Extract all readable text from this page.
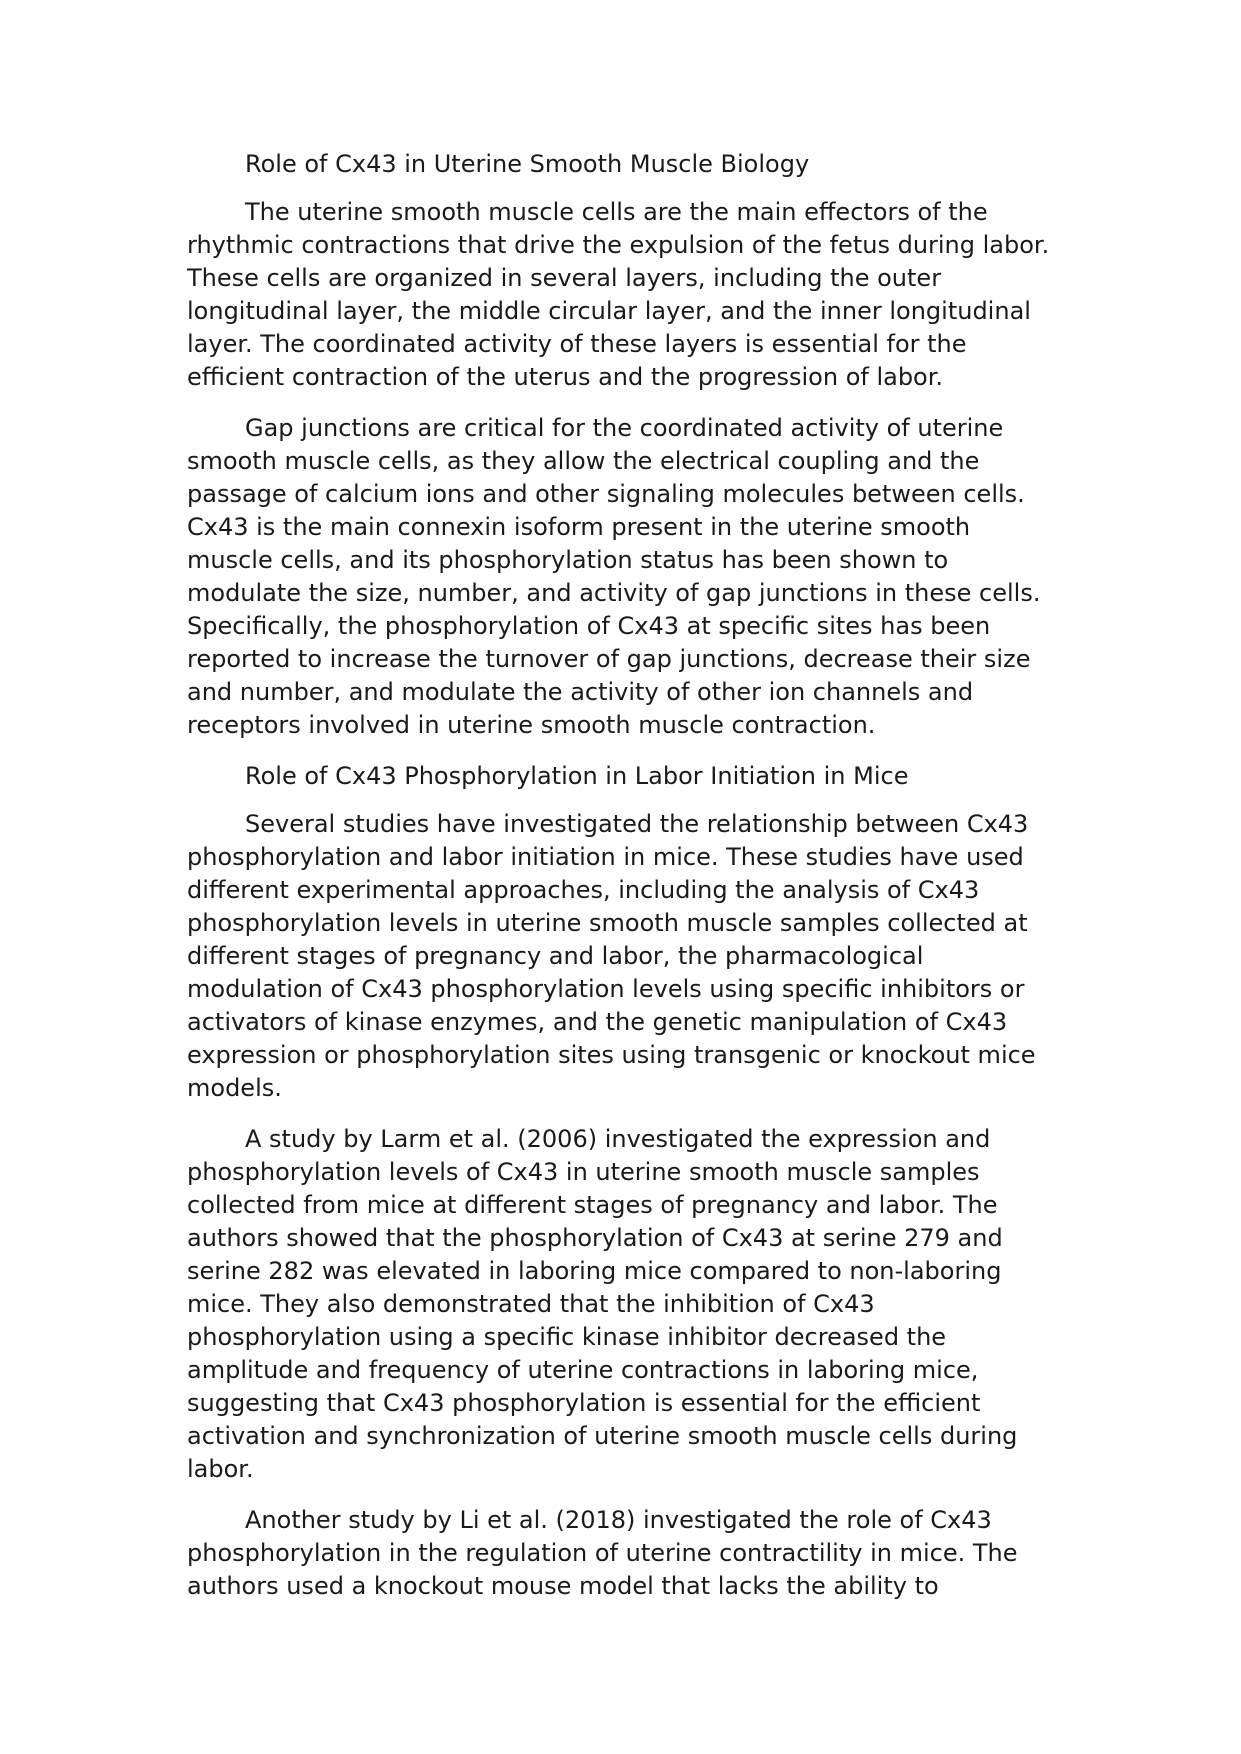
Role of Cx43 in Uterine Smooth Muscle Biology

The uterine smooth muscle cells are the main effectors of the
rhythmic contractions that drive the expulsion of the fetus during labor.
These cells are organized in several layers, including the outer
longitudinal layer, the middle circular layer, and the inner longitudinal
layer. The coordinated activity of these layers is essential for the
efficient contraction of the uterus and the progression of labor.

Gap junctions are critical for the coordinated activity of uterine
smooth muscle cells, as they allow the electrical coupling and the
passage of calcium ions and other signaling molecules between cells.
Cx43 is the main connexin isoform present in the uterine smooth
muscle cells, and its phosphorylation status has been shown to
modulate the size, number, and activity of gap junctions in these cells.
Specifically, the phosphorylation of Cx43 at specific sites has been
reported to increase the turnover of gap junctions, decrease their size
and number, and modulate the activity of other ion channels and
receptors involved in uterine smooth muscle contraction.

Role of Cx43 Phosphorylation in Labor Initiation in Mice

Several studies have investigated the relationship between Cx43
phosphorylation and labor initiation in mice. These studies have used
different experimental approaches, including the analysis of Cx43
phosphorylation levels in uterine smooth muscle samples collected at
different stages of pregnancy and labor, the pharmacological
modulation of Cx43 phosphorylation levels using specific inhibitors or
activators of kinase enzymes, and the genetic manipulation of Cx43
expression or phosphorylation sites using transgenic or knockout mice
models.

A study by Larm et al. (2006) investigated the expression and
phosphorylation levels of Cx43 in uterine smooth muscle samples
collected from mice at different stages of pregnancy and labor. The
authors showed that the phosphorylation of Cx43 at serine 279 and
serine 282 was elevated in laboring mice compared to non-laboring
mice. They also demonstrated that the inhibition of Cx43
phosphorylation using a specific kinase inhibitor decreased the
amplitude and frequency of uterine contractions in laboring mice,
suggesting that Cx43 phosphorylation is essential for the efficient
activation and synchronization of uterine smooth muscle cells during
labor.

Another study by Li et al. (2018) investigated the role of Cx43
phosphorylation in the regulation of uterine contractility in mice. The
authors used a knockout mouse model that lacks the ability to
